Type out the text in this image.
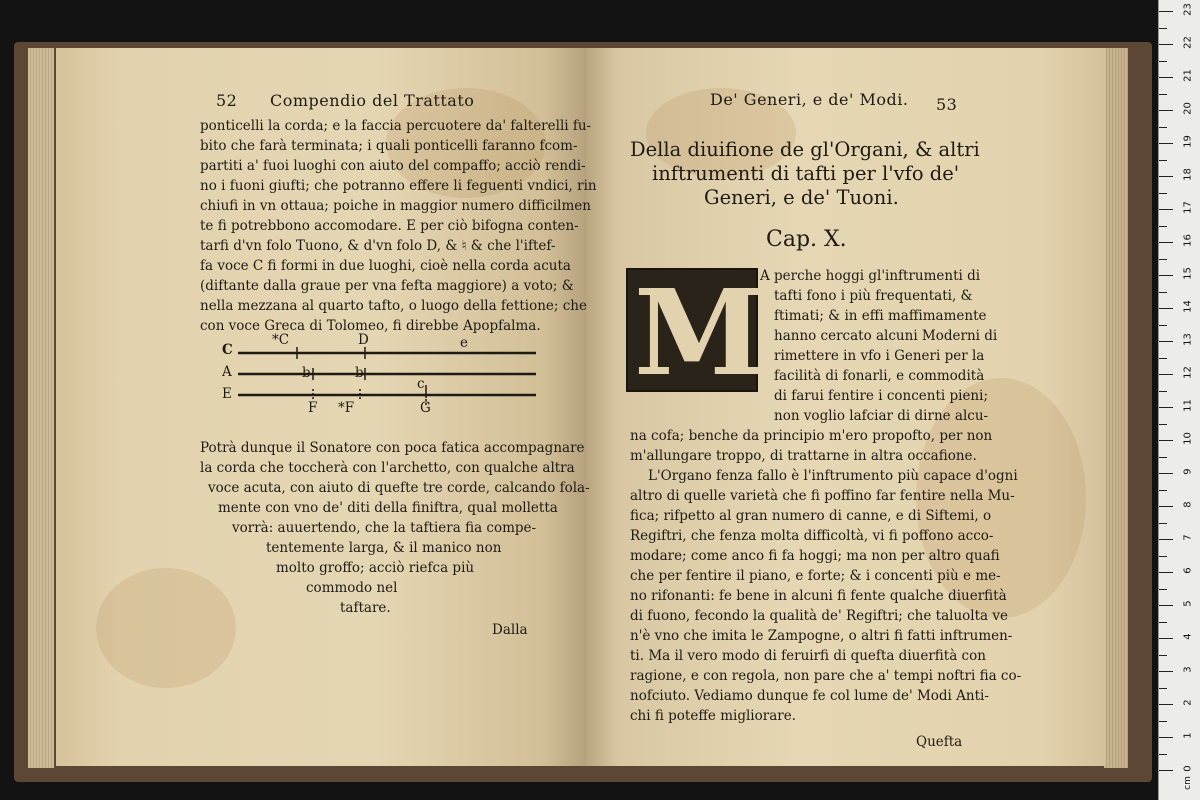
52 Compendio del Trattato
ponticelli la corda; e la faccia percuotere da' falterelli fu-
bito che farà terminata; i quali ponticelli faranno fcom-
partiti a' fuoi luoghi con aiuto del compaffo; acciò rendi-
no i fuoni giufti; che potranno effere li feguenti vndici, rin
chiufi in vn ottaua; poiche in maggior numero difficilmen
te fi potrebbono accomodare. E per ciò bifogna conten-
tarfi d'vn folo Tuono, & d'vn folo D, & ♮ & che l'iftef-
fa voce C fi formi in due luoghi, cioè nella corda acuta
(diftante dalla graue per vna fefta maggiore) a voto; &
nella mezzana al quarto tafto, o luogo della fettione; che
con voce Greca di Tolomeo, fi direbbe Apopfalma.
C
A
E
*C	D	e
b	b
c
F *F	G
Potrà dunque il Sonatore con poca fatica accompagnare
la corda che toccherà con l'archetto, con qualche altra
voce acuta, con aiuto di quefte tre corde, calcando fola-
mente con vno de' diti della finiftra, qual molletta
vorrà: auuertendo, che la taftiera fia compe-
tentemente larga, & il manico non
molto groffo; acciò riefca più
commodo nel
taftare.
Dalla
De' Generi, e de' Modi. 53
Della diuifione de gl'Organi, & altri
inftrumenti di tafti per l'vfo de'
Generi, e de' Tuoni.
Cap. X.
M
A perche hoggi gl'inftrumenti di
tafti fono i più frequentati, &
ftimati; & in effi maffimamente
hanno cercato alcuni Moderni di
rimettere in vfo i Generi per la
facilità di fonarli, e commodità
di farui fentire i concenti pieni;
non voglio lafciar di dirne alcu-
na cofa; benche da principio m'ero propofto, per non
m'allungare troppo, di trattarne in altra occafione.
L'Organo fenza fallo è l'inftrumento più capace d'ogni
altro di quelle varietà che fi poffino far fentire nella Mu-
fica; rifpetto al gran numero di canne, e di Siftemi, o
Regiftri, che fenza molta difficoltà, vi fi poffono acco-
modare; come anco fi fa hoggi; ma non per altro quafi
che per fentire il piano, e forte; & i concenti più e me-
no rifonanti: fe bene in alcuni fi fente qualche diuerfità
di fuono, fecondo la qualità de' Regiftri; che taluolta ve
n'è vno che imita le Zampogne, o altri fi fatti inftrumen-
ti. Ma il vero modo di feruirfi di quefta diuerfità con
ragione, e con regola, non pare che a' tempi noftri fia co-
nofciuto. Vediamo dunque fe col lume de' Modi Anti-
chi fi poteffe migliorare.
Quefta
0
1
2
3
4
5
6
7
8
9
10
11
12
13
14
15
16
17
18
19
20
21
22
23
cm
